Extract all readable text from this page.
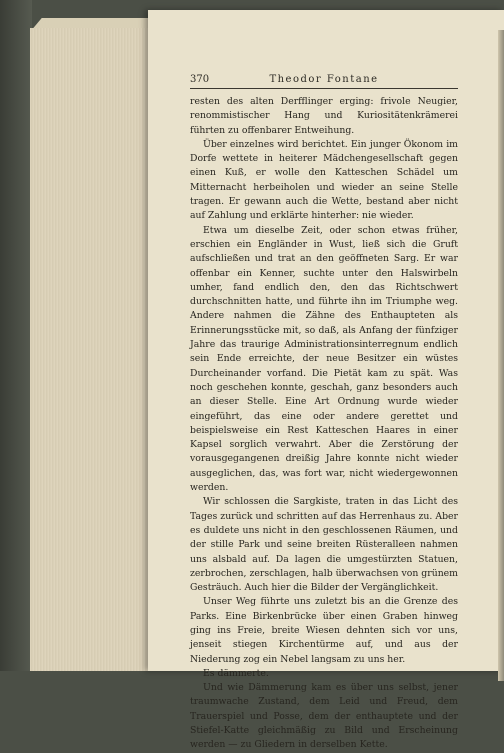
370	Theodor Fontane

resten des alten Derfflinger erging: frivole Neugier, renommistischer Hang und Kuriositätenkrämerei führten zu offenbarer Entweihung.

Über einzelnes wird berichtet. Ein junger Ökonom im Dorfe wettete in heiterer Mädchengesellschaft gegen einen Kuß, er wolle den Katteschen Schädel um Mitternacht herbeiholen und wieder an seine Stelle tragen. Er gewann auch die Wette, bestand aber nicht auf Zahlung und erklärte hinterher: nie wieder.

Etwa um dieselbe Zeit, oder schon etwas früher, erschien ein Engländer in Wust, ließ sich die Gruft aufschließen und trat an den geöffneten Sarg. Er war offenbar ein Kenner, suchte unter den Halswirbeln umher, fand endlich den, den das Richtschwert durchschnitten hatte, und führte ihn im Triumphe weg. Andere nahmen die Zähne des Enthaupteten als Erinnerungsstücke mit, so daß, als Anfang der fünfziger Jahre das traurige Administrationsinterregnum endlich sein Ende erreichte, der neue Besitzer ein wüstes Durcheinander vorfand. Die Pietät kam zu spät. Was noch geschehen konnte, geschah, ganz besonders auch an dieser Stelle. Eine Art Ordnung wurde wieder eingeführt, das eine oder andere gerettet und beispielsweise ein Rest Katteschen Haares in einer Kapsel sorglich verwahrt. Aber die Zerstörung der vorausgegangenen dreißig Jahre konnte nicht wieder ausgeglichen, das, was fort war, nicht wiedergewonnen werden.

Wir schlossen die Sargkiste, traten in das Licht des Tages zurück und schritten auf das Herrenhaus zu. Aber es duldete uns nicht in den geschlossenen Räumen, und der stille Park und seine breiten Rüsteralleen nahmen uns alsbald auf. Da lagen die umgestürzten Statuen, zerbrochen, zerschlagen, halb überwachsen von grünem Gesträuch. Auch hier die Bilder der Vergänglichkeit.

Unser Weg führte uns zuletzt bis an die Grenze des Parks. Eine Birkenbrücke über einen Graben hinweg ging ins Freie, breite Wiesen dehnten sich vor uns, jenseit stiegen Kirchentürme auf, und aus der Niederung zog ein Nebel langsam zu uns her.

Es dämmerte.

Und wie Dämmerung kam es über uns selbst, jener traumwache Zustand, dem Leid und Freud, dem Trauerspiel und Posse, dem der enthauptete und der Stiefel-Katte gleichmäßig zu Bild und Erscheinung werden — zu Gliedern in derselben Kette.
